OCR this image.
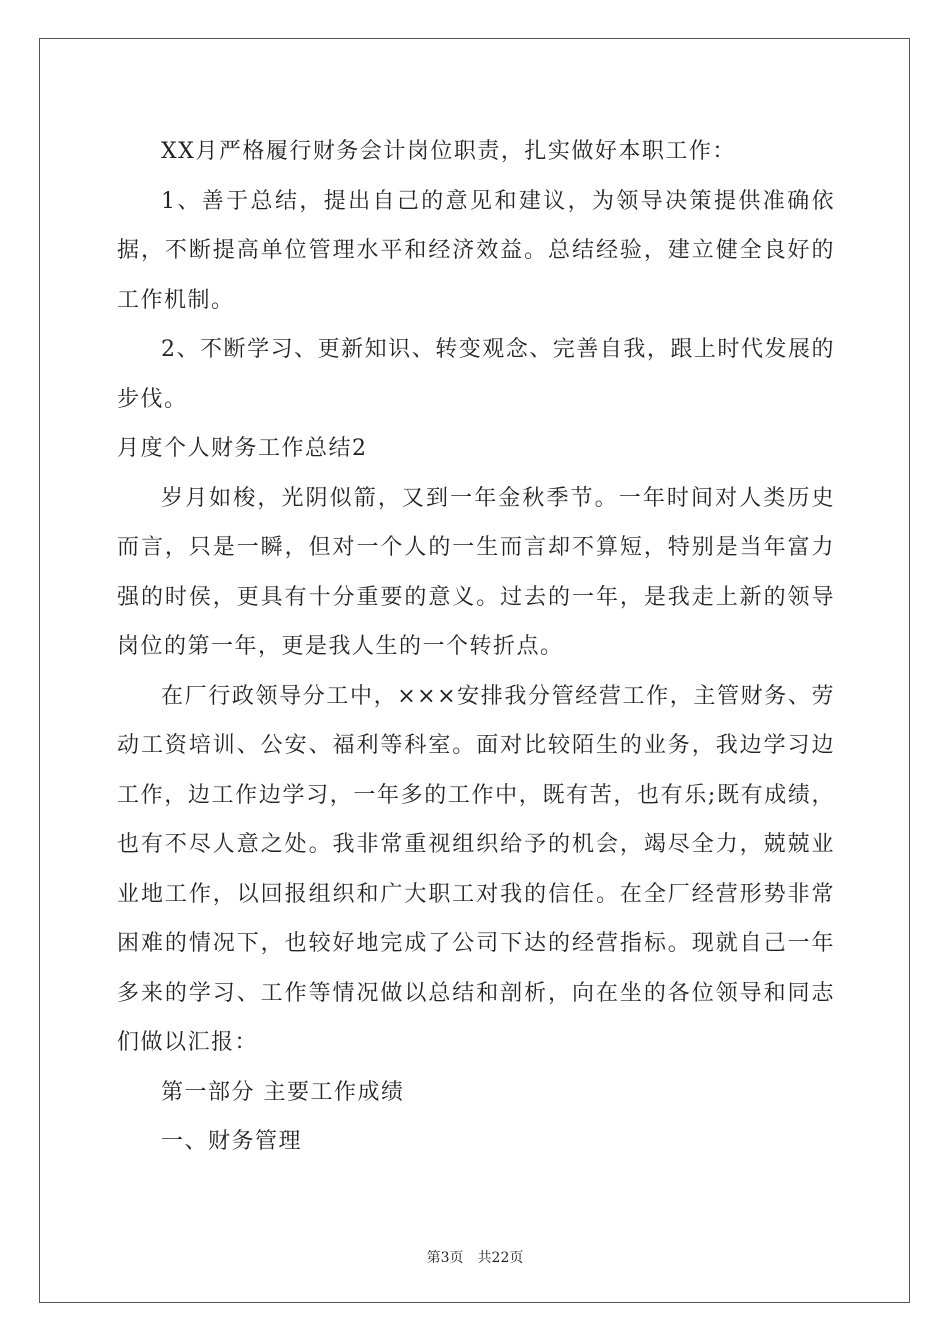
XX月严格履行财务会计岗位职责，扎实做好本职工作：

1、善于总结，提出自己的意见和建议，为领导决策提供准确依据，不断提高单位管理水平和经济效益。总结经验，建立健全良好的工作机制。

2、不断学习、更新知识、转变观念、完善自我，跟上时代发展的步伐。

月度个人财务工作总结2

岁月如梭，光阴似箭，又到一年金秋季节。一年时间对人类历史而言，只是一瞬，但对一个人的一生而言却不算短，特别是当年富力强的时侯，更具有十分重要的意义。过去的一年，是我走上新的领导岗位的第一年，更是我人生的一个转折点。

在厂行政领导分工中，×××安排我分管经营工作，主管财务、劳动工资培训、公安、福利等科室。面对比较陌生的业务，我边学习边工作，边工作边学习，一年多的工作中，既有苦，也有乐;既有成绩，也有不尽人意之处。我非常重视组织给予的机会，竭尽全力，兢兢业业地工作，以回报组织和广大职工对我的信任。在全厂经营形势非常困难的情况下，也较好地完成了公司下达的经营指标。现就自己一年多来的学习、工作等情况做以总结和剖析，向在坐的各位领导和同志们做以汇报：

第一部分 主要工作成绩

一、财务管理

第3页 共22页
